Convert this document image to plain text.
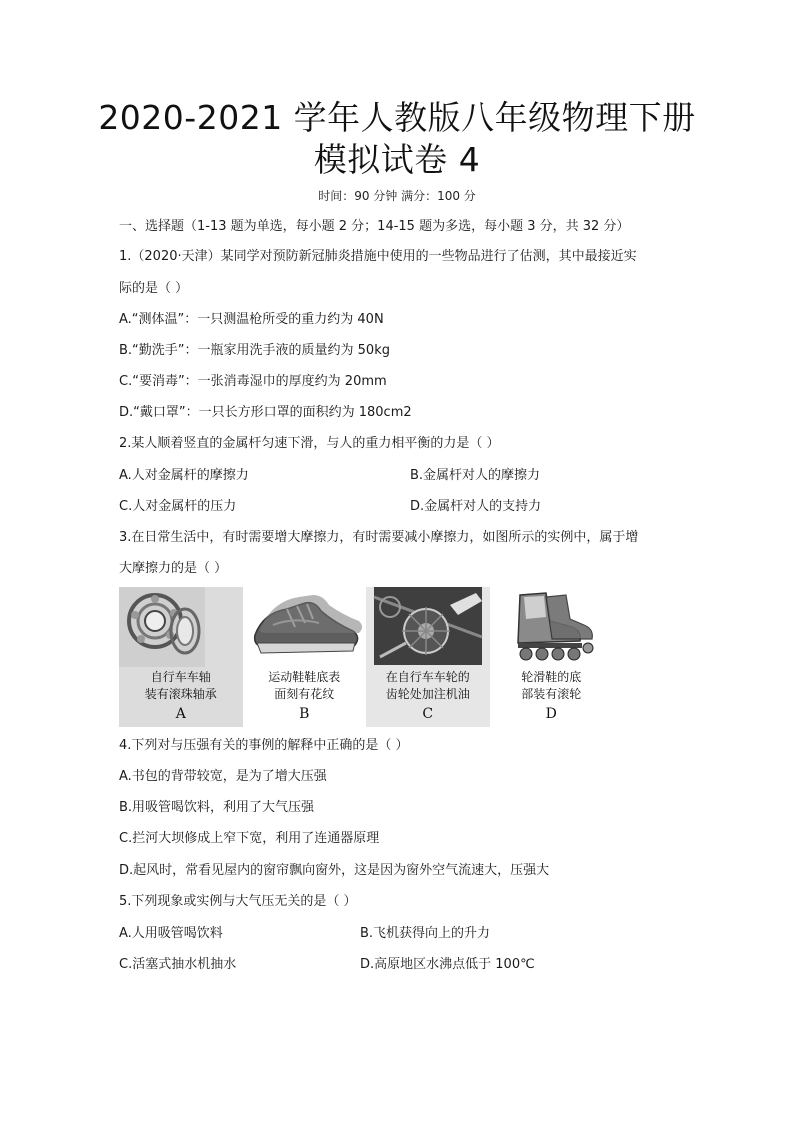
2020-2021 学年人教版八年级物理下册
模拟试卷 4
时间：90 分钟 满分：100 分
一、选择题（1-13 题为单选，每小题 2 分；14-15 题为多选，每小题 3 分，共 32 分）
1.（2020·天津）某同学对预防新冠肺炎措施中使用的一些物品进行了估测，其中最接近实
际的是（ ）
A.“测体温”：一只测温枪所受的重力约为 40N
B.“勤洗手”：一瓶家用洗手液的质量约为 50kg
C.“要消毒”：一张消毒湿巾的厚度约为 20mm
D.“戴口罩”：一只长方形口罩的面积约为 180cm2
2.某人顺着竖直的金属杆匀速下滑，与人的重力相平衡的力是（ ）
A.人对金属杆的摩擦力	B.金属杆对人的摩擦力
C.人对金属杆的压力	D.金属杆对人的支持力
3.在日常生活中，有时需要增大摩擦力，有时需要减小摩擦力，如图所示的实例中，属于增
大摩擦力的是（ ）
自行车车轴
装有滚珠轴承
A
运动鞋鞋底表
面刻有花纹
B
在自行车车轮的
齿轮处加注机油
C
轮滑鞋的底
部装有滚轮
D
4.下列对与压强有关的事例的解释中正确的是（ ）
A.书包的背带较宽，是为了增大压强
B.用吸管喝饮料，利用了大气压强
C.拦河大坝修成上窄下宽，利用了连通器原理
D.起风时，常看见屋内的窗帘飘向窗外，这是因为窗外空气流速大，压强大
5.下列现象或实例与大气压无关的是（ ）
A.人用吸管喝饮料	B.飞机获得向上的升力
C.活塞式抽水机抽水	D.高原地区水沸点低于 100℃
